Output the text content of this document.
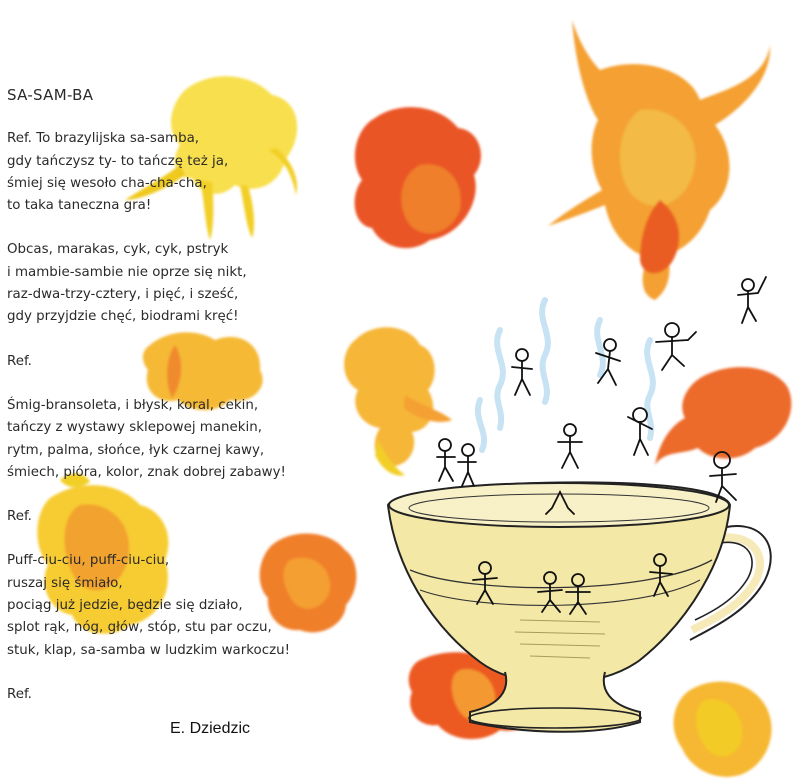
SA-SAM-BA
Ref. To brazylijska sa-samba,
gdy tańczysz ty- to tańczę też ja,
śmiej się wesoło cha-cha-cha,
to taka taneczna gra!
Obcas, marakas, cyk, cyk, pstryk
i mambie-sambie nie oprze się nikt,
raz-dwa-trzy-cztery, i pięć, i sześć,
gdy przyjdzie chęć, biodrami kręć!
Ref.
Śmig-bransoleta, i błysk, koral, cekin,
tańczy z wystawy sklepowej manekin,
rytm, palma, słońce, łyk czarnej kawy,
śmiech, pióra, kolor, znak dobrej zabawy!
Ref.
Puff-ciu-ciu, puff-ciu-ciu,
ruszaj się śmiało,
pociąg już jedzie, będzie się działo,
splot rąk, nóg, głów, stóp, stu par oczu,
stuk, klap, sa-samba w ludzkim warkoczu!
Ref.
E. Dziedzic
